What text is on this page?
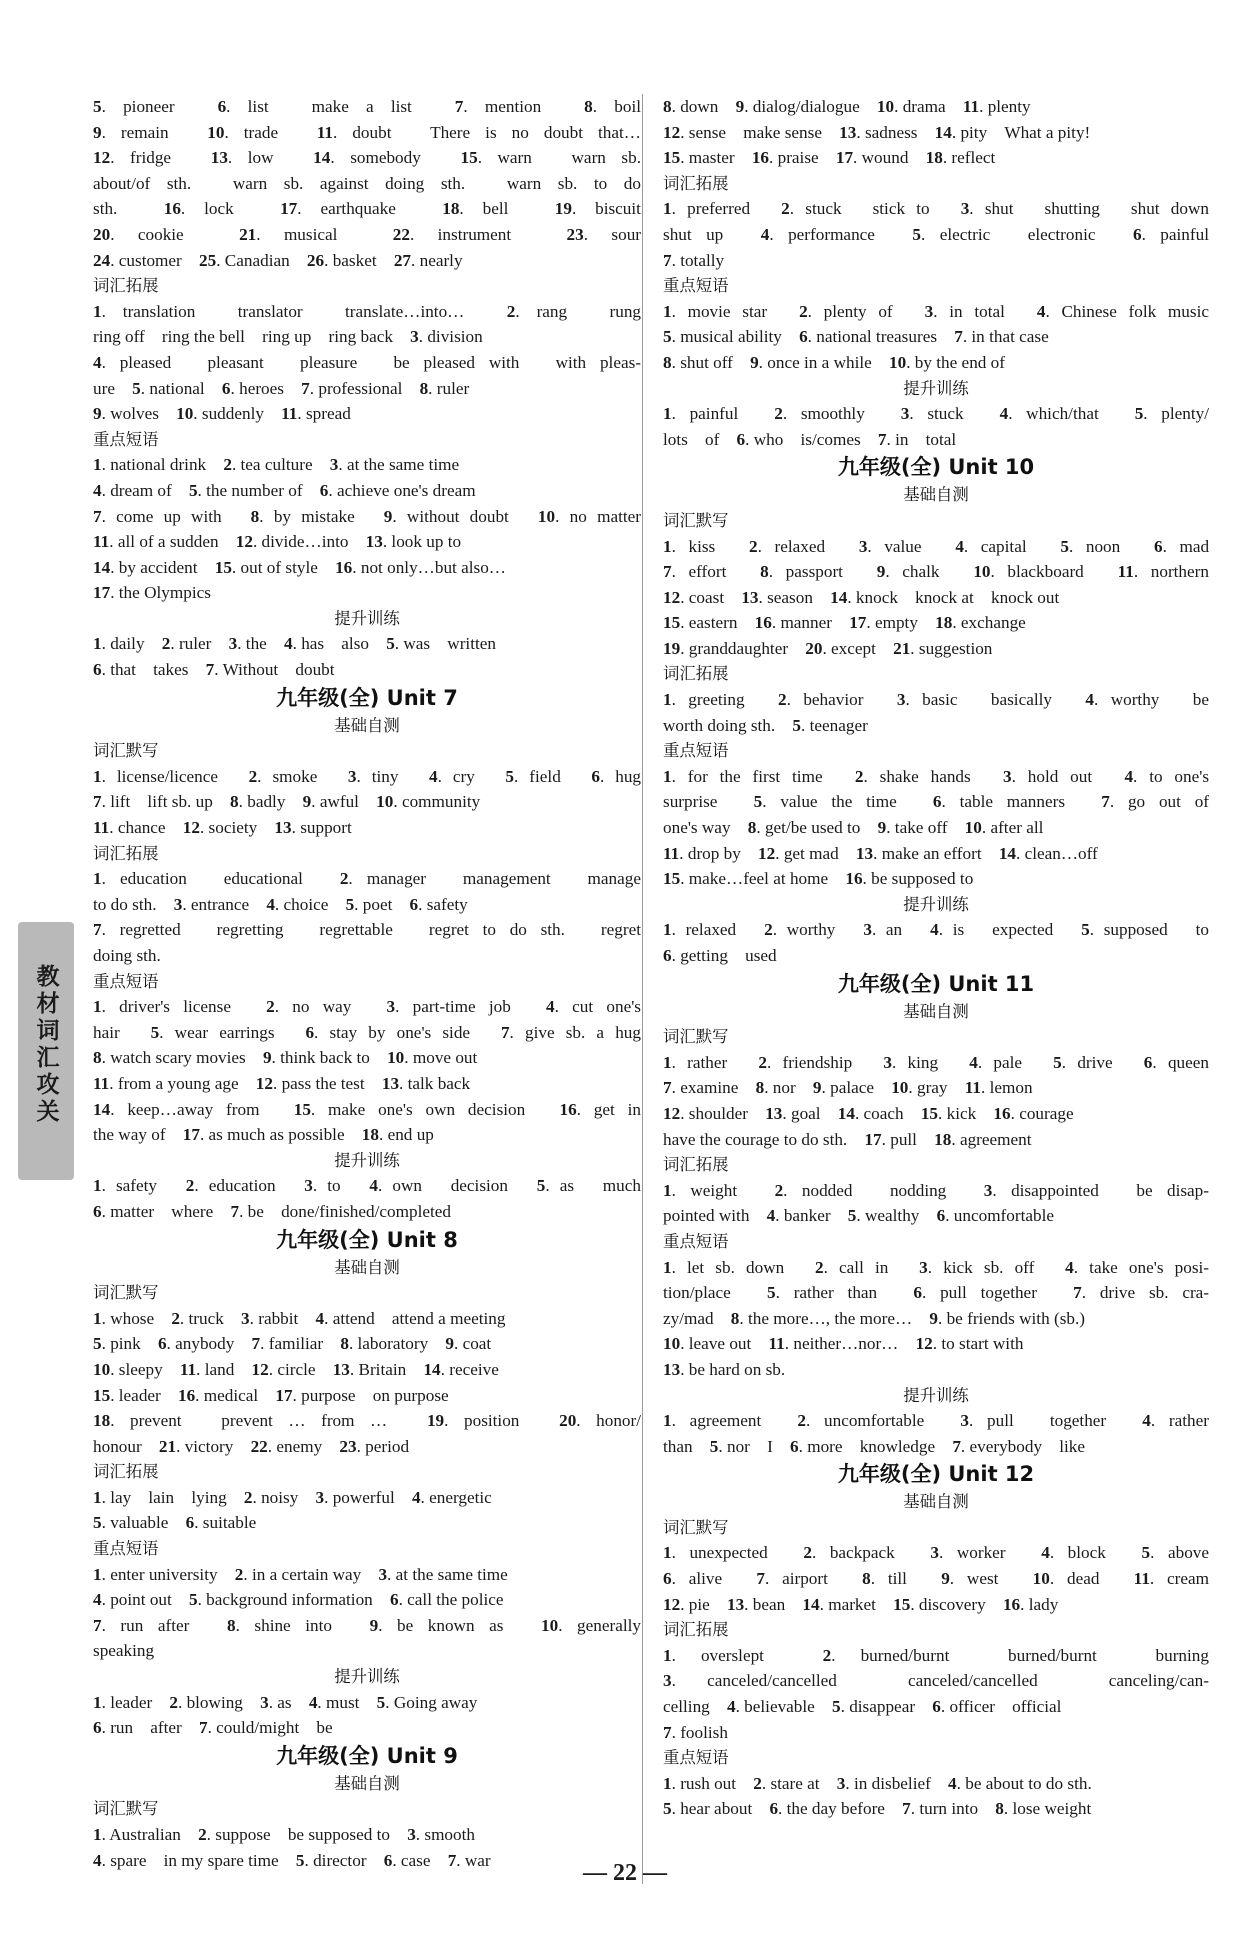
5. pioneer　 6. list　make a list　 7. mention　 8. boil
9. remain　 10. trade　 11. doubt　There is no doubt that…
12. fridge　 13. low　 14. somebody　 15. warn　warn sb.
about/of sth.　warn sb. against doing sth.　warn sb. to do
sth.　	16. lock　	17. earthquake　	18. bell　	19. biscuit
20. cookie　	21. musical　	22. instrument　	23. sour
24. customer　 25. Canadian　 26. basket　 27. nearly
词汇拓展
1. translation　translator　translate…into…　 2. rang　rung
ring off　ring the bell　ring up　ring back　 3. division
4. pleased　pleasant　pleasure　be pleased with　with pleas-
ure　 5. national　 6. heroes　 7. professional　 8. ruler
9. wolves　 10. suddenly　 11. spread
重点短语
1. national drink　 2. tea culture　 3. at the same time
4. dream of　 5. the number of　 6. achieve one's dream
7. come up with　 8. by mistake　 9. without doubt　 10. no matter
11. all of a sudden　 12. divide…into　 13. look up to
14. by accident　 15. out of style　 16. not only…but also…
17. the Olympics
提升训练
1. daily　 2. ruler　 3. the　 4. has　also　 5. was　written
6. that　takes　 7. Without　doubt
九年级(全) Unit 7
基础自测
词汇默写
1. license/licence　 2. smoke　 3. tiny　 4. cry　 5. field　 6. hug
7. lift　lift sb. up　 8. badly　 9. awful　 10. community
11. chance　 12. society　 13. support
词汇拓展
1. education　educational　 2. manager　management　manage
to do sth.　 3. entrance　 4. choice　 5. poet　 6. safety
7. regretted　regretting　regrettable　regret to do sth.　regret
doing sth.
重点短语
1. driver's license　 2. no way　 3. part-time job　 4. cut one's
hair　 5. wear earrings　 6. stay by one's side　 7. give sb. a hug
8. watch scary movies　 9. think back to　 10. move out
11. from a young age　 12. pass the test　 13. talk back
14. keep…away from　 15. make one's own decision　 16. get in
the way of　 17. as much as possible　 18. end up
提升训练
1. safety　 2. education　 3. to　 4. own　decision　 5. as　much
6. matter　where　 7. be　done/finished/completed
九年级(全) Unit 8
基础自测
词汇默写
1. whose　 2. truck　 3. rabbit　 4. attend　attend a meeting
5. pink　 6. anybody　 7. familiar　 8. laboratory　 9. coat
10. sleepy　 11. land　 12. circle　 13. Britain　 14. receive
15. leader　 16. medical　 17. purpose　on purpose
18. prevent　prevent … from …　 19. position　 20. honor/
honour　 21. victory　 22. enemy　 23. period
词汇拓展
1. lay　lain　lying　 2. noisy　 3. powerful　 4. energetic
5. valuable　 6. suitable
重点短语
1. enter university　 2. in a certain way　 3. at the same time
4. point out　 5. background information　 6. call the police
7. run after　 8. shine into　 9. be known as　 10. generally
speaking
提升训练
1. leader　 2. blowing　 3. as　 4. must　 5. Going away
6. run　after　 7. could/might　be
九年级(全) Unit 9
基础自测
词汇默写
1. Australian　 2. suppose　be supposed to　 3. smooth
4. spare　in my spare time　 5. director　 6. case　 7. war
8. down　 9. dialog/dialogue　 10. drama　 11. plenty
12. sense　make sense　 13. sadness　 14. pity　What a pity!
15. master　 16. praise　 17. wound　 18. reflect
词汇拓展
1. preferred　 2. stuck　stick to　 3. shut　shutting　shut down
shut up　 4. performance　 5. electric　electronic　 6. painful
7. totally
重点短语
1. movie star　 2. plenty of　 3. in total　 4. Chinese folk music
5. musical ability　 6. national treasures　 7. in that case
8. shut off　 9. once in a while　 10. by the end of
提升训练
1. painful　 2. smoothly　 3. stuck　 4. which/that　 5. plenty/
lots　of　 6. who　is/comes　 7. in　total
九年级(全) Unit 10
基础自测
词汇默写
1. kiss　 2. relaxed　 3. value　 4. capital　 5. noon　 6. mad
7. effort　 8. passport　 9. chalk　 10. blackboard　 11. northern
12. coast　 13. season　 14. knock　knock at　knock out
15. eastern　 16. manner　 17. empty　 18. exchange
19. granddaughter　 20. except　 21. suggestion
词汇拓展
1. greeting　 2. behavior　 3. basic　basically　 4. worthy　be
worth doing sth.　 5. teenager
重点短语
1. for the first time　 2. shake hands　 3. hold out　 4. to one's
surprise　 5. value the time　 6. table manners　 7. go out of
one's way　 8. get/be used to　 9. take off　 10. after all
11. drop by　 12. get mad　 13. make an effort　 14. clean…off
15. make…feel at home　 16. be supposed to
提升训练
1. relaxed　 2. worthy　 3. an　 4. is　expected　 5. supposed　to
6. getting　used
九年级(全) Unit 11
基础自测
词汇默写
1. rather　 2. friendship　 3. king　 4. pale　 5. drive　 6. queen
7. examine　 8. nor　 9. palace　 10. gray　 11. lemon
12. shoulder　 13. goal　 14. coach　 15. kick　 16. courage
have the courage to do sth.　 17. pull　 18. agreement
词汇拓展
1. weight　 2. nodded　nodding　 3. disappointed　be disap-
pointed with　 4. banker　 5. wealthy　 6. uncomfortable
重点短语
1. let sb. down　 2. call in　 3. kick sb. off　 4. take one's posi-
tion/place　 5. rather than　 6. pull together　 7. drive sb. cra-
zy/mad　 8. the more…, the more…　 9. be friends with (sb.)
10. leave out　 11. neither…nor…　 12. to start with
13. be hard on sb.
提升训练
1. agreement　 2. uncomfortable　 3. pull　together　 4. rather
than　 5. nor　I　 6. more　knowledge　 7. everybody　like
九年级(全) Unit 12
基础自测
词汇默写
1. unexpected　 2. backpack　 3. worker　 4. block　 5. above
6. alive　 7. airport　 8. till　 9. west　 10. dead　 11. cream
12. pie　 13. bean　 14. market　 15. discovery　 16. lady
词汇拓展
1. overslept　	2. burned/burnt　burned/burnt　burning
3. canceled/cancelled　canceled/cancelled　canceling/can-
celling　 4. believable　 5. disappear　 6. officer　official
7. foolish
重点短语
1. rush out　 2. stare at　 3. in disbelief　 4. be about to do sth.
5. hear about　 6. the day before　 7. turn into　 8. lose weight
教材词汇攻关
— 22 —
